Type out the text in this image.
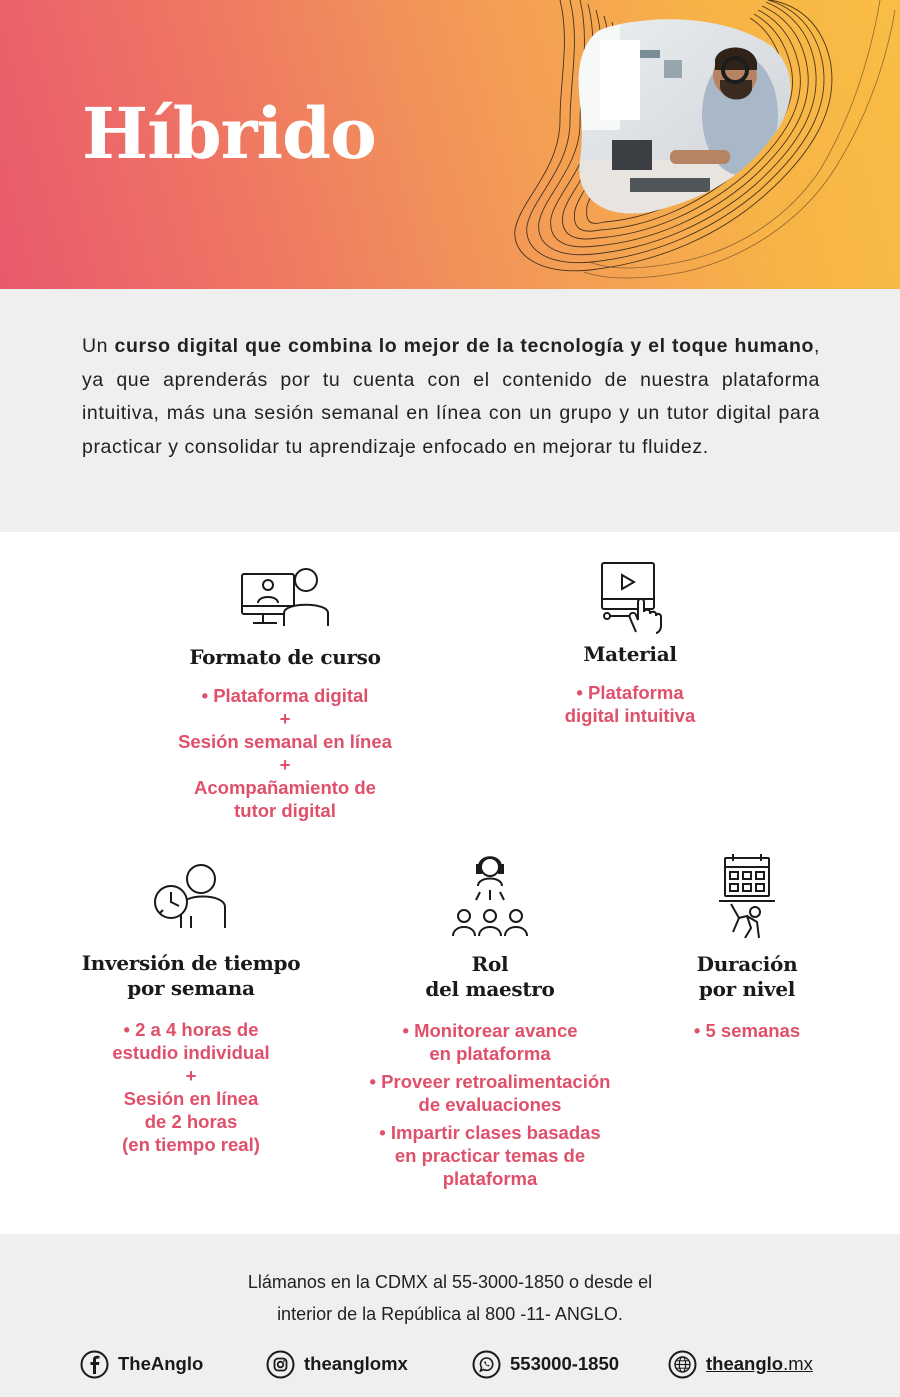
Híbrido

Un curso digital que combina lo mejor de la tecnología y el toque humano, ya que aprenderás por tu cuenta con el contenido de nuestra plataforma intuitiva, más una sesión semanal en línea con un grupo y un tutor digital para practicar y consolidar tu aprendizaje enfocado en mejorar tu fluidez.

Formato de curso
• Plataforma digital
+
Sesión semanal en línea
+
Acompañamiento de
tutor digital
Material
• Plataforma
digital intuitiva
Inversión de tiempo
por semana
• 2 a 4 horas de
estudio individual
+
Sesión en línea
de 2 horas
(en tiempo real)
Rol
del maestro
• Monitorear avance
en plataforma
• Proveer retroalimentación
de evaluaciones
• Impartir clases basadas
en practicar temas de
plataforma
Duración
por nivel
• 5 semanas
Llámanos en la CDMX al 55-3000-1850 o desde el
interior de la República al 800 -11- ANGLO.
TheAnglo	theanglomx	553000-1850	theanglo.mx
